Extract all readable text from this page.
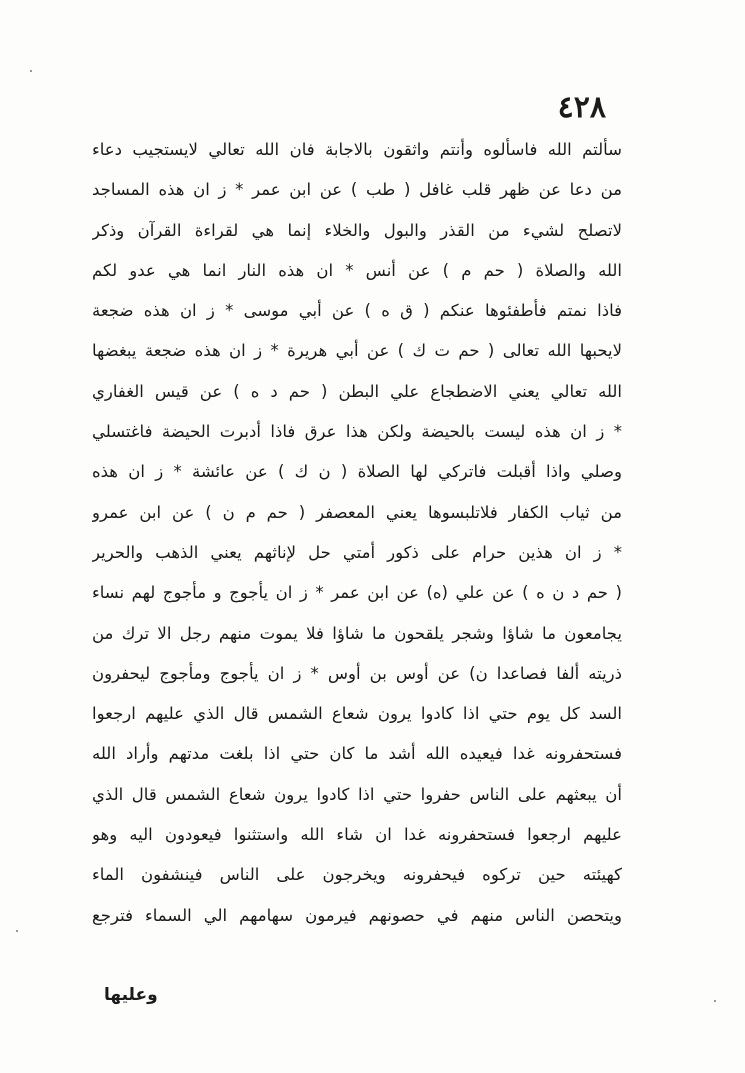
٤٢٨
سألتم الله فاسألوه وأنتم واثقون بالاجابة فان الله تعالي لايستجيب دعاء
من دعا عن ظهر قلب غافل ( طب ) عن ابن عمر * ز ان هذه المساجد
لاتصلح لشيء من القذر والبول والخلاء إنما هي لقراءة القرآن وذكر
الله والصلاة ( حم م ) عن أنس * ان هذه النار انما هي عدو لكم
فاذا نمتم فأطفئوها عنكم ( ق ه ) عن أبي موسى * ز ان هذه ضجعة
لايحبها الله تعالى ( حم ت ك ) عن أبي هريرة * ز ان هذه ضجعة يبغضها
الله تعالي يعني الاضطجاع علي البطن ( حم د ه ) عن قيس الغفاري
* ز ان هذه ليست بالحيضة ولكن هذا عرق فاذا أدبرت الحيضة فاغتسلي
وصلي واذا أقبلت فاتركي لها الصلاة ( ن ك ) عن عائشة * ز ان هذه
من ثياب الكفار فلاتلبسوها يعني المعصفر ( حم م ن ) عن ابن عمرو
* ز ان هذين حرام على ذكور أمتي حل لإناثهم يعني الذهب والحرير
( حم د ن ه ) عن علي (ه) عن ابن عمر * ز ان يأجوج و مأجوج لهم نساء
يجامعون ما شاؤا وشجر يلقحون ما شاؤا فلا يموت منهم رجل الا ترك من
ذريته ألفا فصاعدا ن) عن أوس بن أوس * ز ان يأجوج ومأجوج ليحفرون
السد كل يوم حتي اذا كادوا يرون شعاع الشمس قال الذي عليهم ارجعوا
فستحفرونه غدا فيعيده الله أشد ما كان حتي اذا بلغت مدتهم وأراد الله
أن يبعثهم على الناس حفروا حتي اذا كادوا يرون شعاع الشمس قال الذي
عليهم ارجعوا فستحفرونه غدا ان شاء الله واستثنوا فيعودون اليه وهو
كهيئته حين تركوه فيحفرونه ويخرجون على الناس فينشفون الماء
ويتحصن الناس منهم في حصونهم فيرمون سهامهم الي السماء فترجع
وعليها
